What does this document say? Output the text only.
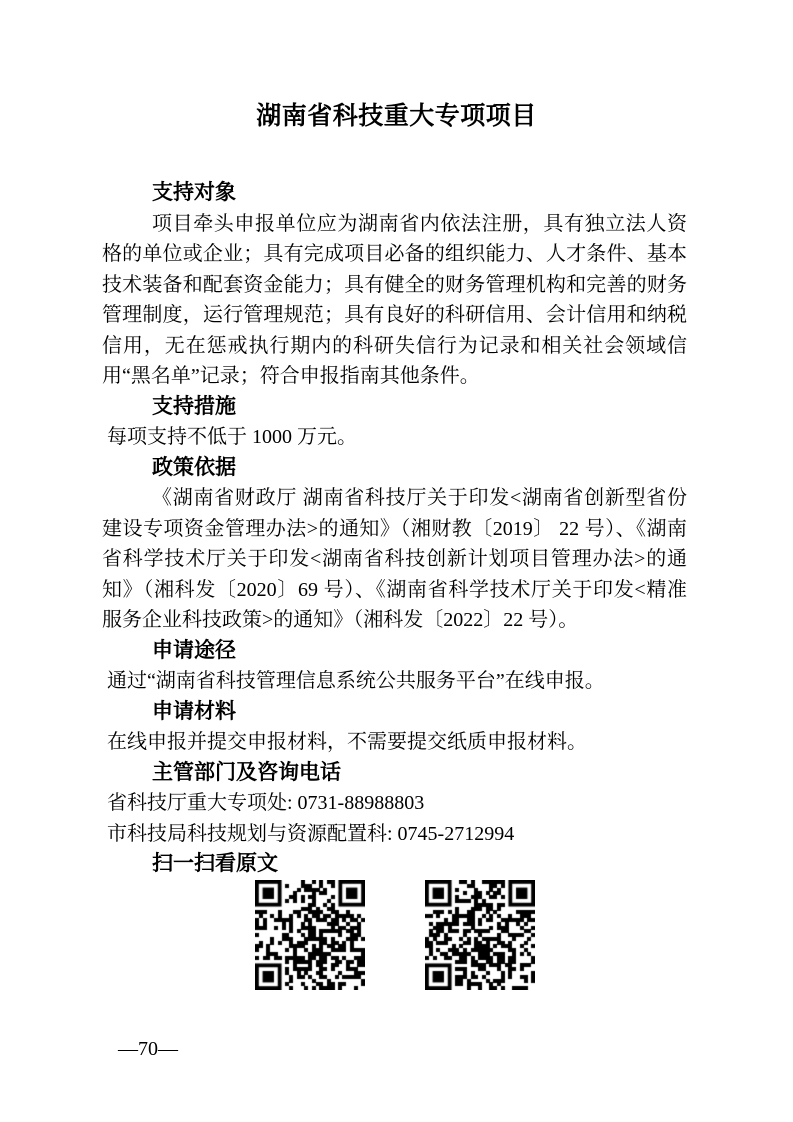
湖南省科技重大专项项目
支持对象

项目牵头申报单位应为湖南省内依法注册，具有独立法人资格的单位或企业；具有完成项目必备的组织能力、人才条件、基本技术装备和配套资金能力；具有健全的财务管理机构和完善的财务管理制度，运行管理规范；具有良好的科研信用、会计信用和纳税信用，无在惩戒执行期内的科研失信行为记录和相关社会领域信用“黑名单”记录；符合申报指南其他条件。

支持措施

每项支持不低于 1000 万元。

政策依据

《湖南省财政厅 湖南省科技厅关于印发<湖南省创新型省份建设专项资金管理办法>的通知》（湘财教〔2019〕 22 号）、《湖南省科学技术厅关于印发<湖南省科技创新计划项目管理办法>的通知》（湘科发〔2020〕69 号）、《湖南省科学技术厅关于印发<精准服务企业科技政策>的通知》（湘科发〔2022〕22 号）。

申请途径

通过“湖南省科技管理信息系统公共服务平台”在线申报。

申请材料

在线申报并提交申报材料，不需要提交纸质申报材料。

主管部门及咨询电话

省科技厅重大专项处: 0731-88988803

市科技局科技规划与资源配置科: 0745-2712994

扫一扫看原文
—70—
